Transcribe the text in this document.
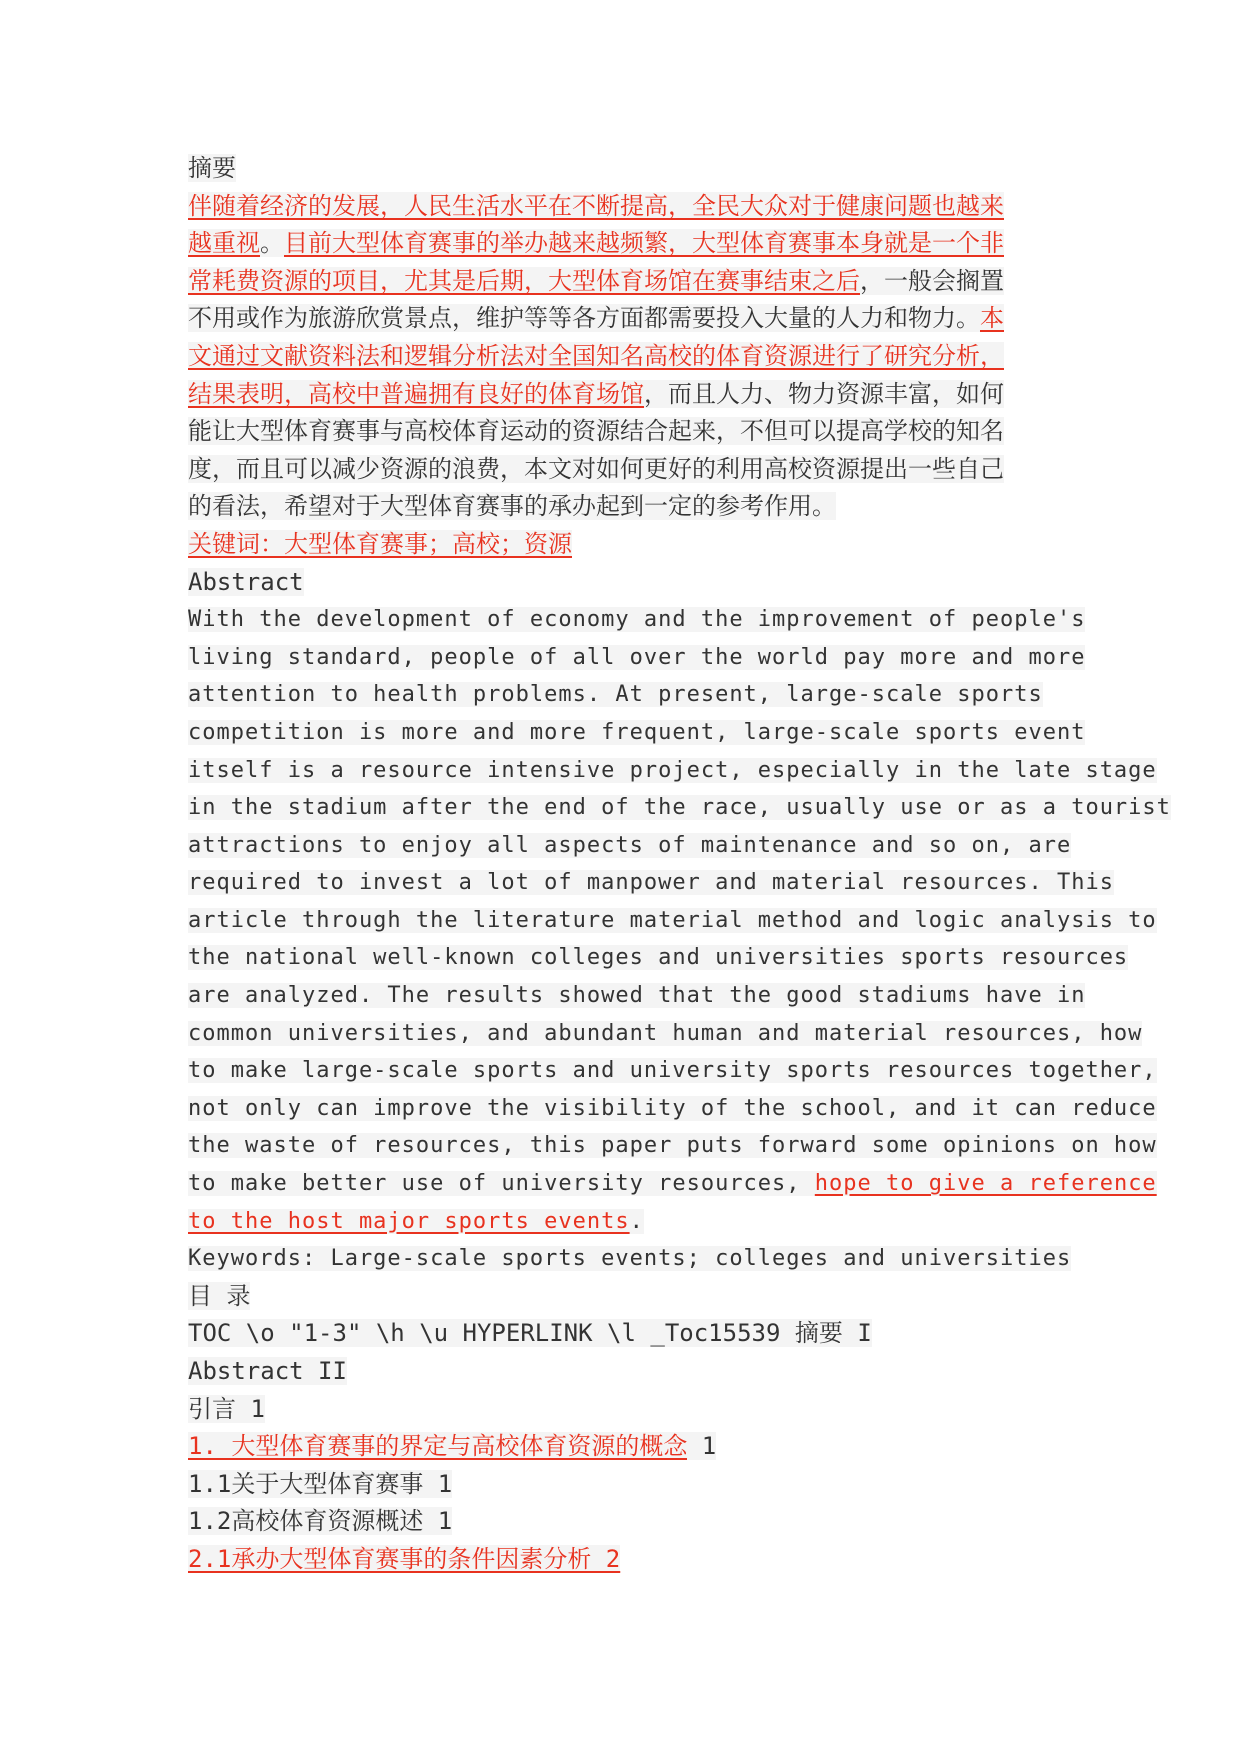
摘要
伴随着经济的发展，人民生活水平在不断提高，全民大众对于健康问题也越来
越重视。目前大型体育赛事的举办越来越频繁，大型体育赛事本身就是一个非
常耗费资源的项目，尤其是后期，大型体育场馆在赛事结束之后，一般会搁置
不用或作为旅游欣赏景点，维护等等各方面都需要投入大量的人力和物力。本
文通过文献资料法和逻辑分析法对全国知名高校的体育资源进行了研究分析，
结果表明，高校中普遍拥有良好的体育场馆，而且人力、物力资源丰富，如何
能让大型体育赛事与高校体育运动的资源结合起来，不但可以提高学校的知名
度，而且可以减少资源的浪费，本文对如何更好的利用高校资源提出一些自己
的看法，希望对于大型体育赛事的承办起到一定的参考作用。
关键词：大型体育赛事；高校；资源
Abstract
With the development of economy and the improvement of people's
living standard, people of all over the world pay more and more
attention to health problems. At present, large-scale sports
competition is more and more frequent, large-scale sports event
itself is a resource intensive project, especially in the late stage
in the stadium after the end of the race, usually use or as a tourist
attractions to enjoy all aspects of maintenance and so on, are
required to invest a lot of manpower and material resources. This
article through the literature material method and logic analysis to
the national well-known colleges and universities sports resources
are analyzed. The results showed that the good stadiums have in
common universities, and abundant human and material resources, how
to make large-scale sports and university sports resources together,
not only can improve the visibility of the school, and it can reduce
the waste of resources, this paper puts forward some opinions on how
to make better use of university resources, hope to give a reference
to the host major sports events.
Keywords: Large-scale sports events; colleges and universities
目 录
TOC \o "1-3" \h \u HYPERLINK \l _Toc15539 摘要 I
Abstract II
引言 1
1. 大型体育赛事的界定与高校体育资源的概念 1
1.1关于大型体育赛事 1
1.2高校体育资源概述 1
2.1承办大型体育赛事的条件因素分析 2
